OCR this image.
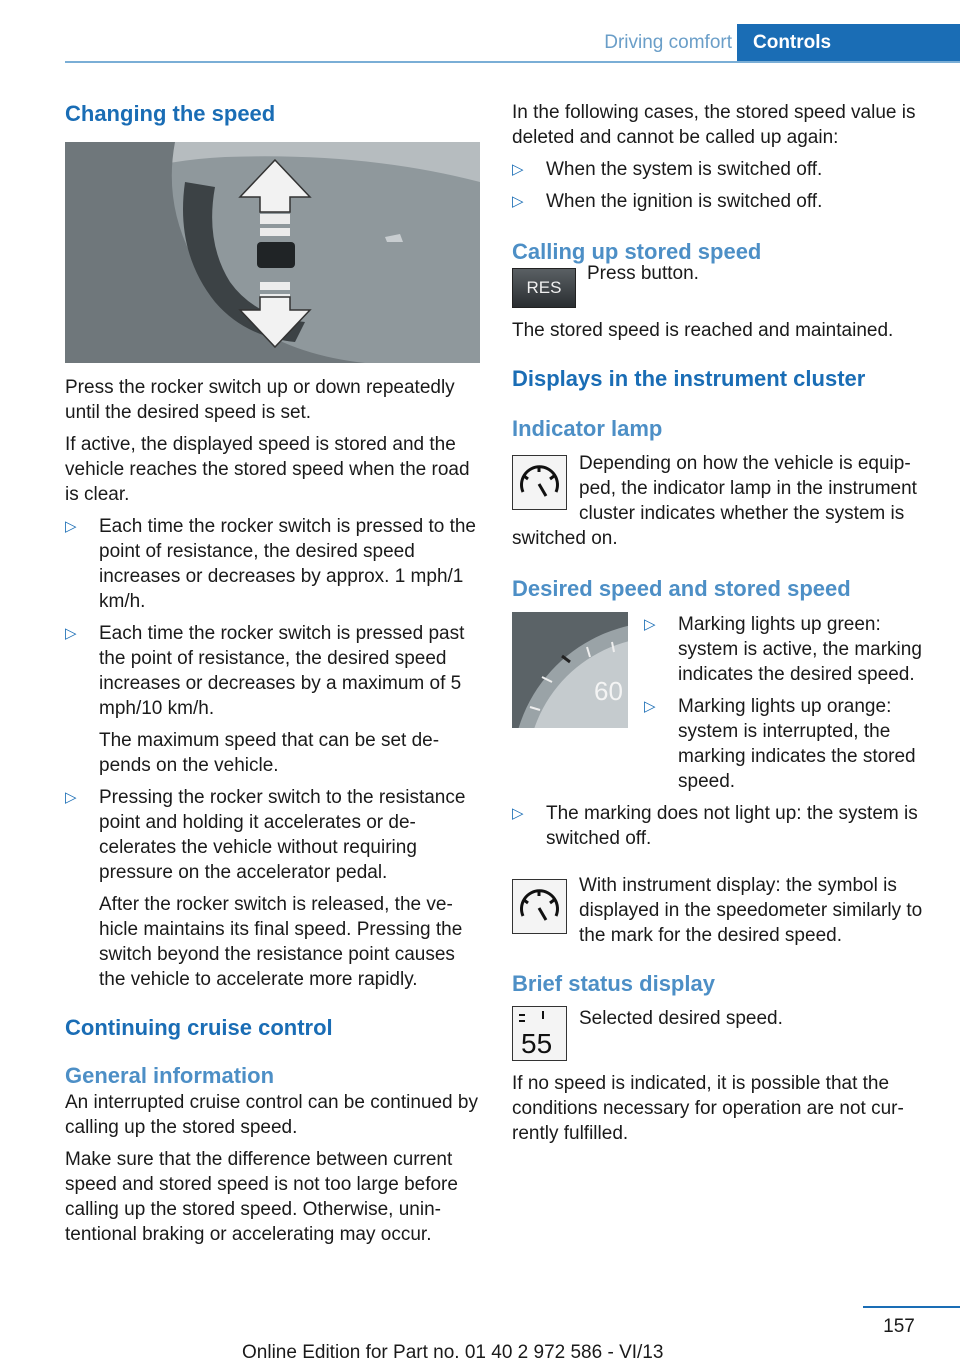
Driving comfort	Controls
Changing the speed

Press the rocker switch up or down repeatedly until the desired speed is set.

If active, the displayed speed is stored and the vehicle reaches the stored speed when the road is clear.

▷ Each time the rocker switch is pressed to the point of resistance, the desired speed increases or decreases by approx. 1 mph/1 km/h.
▷ Each time the rocker switch is pressed past the point of resistance, the desired speed increases or decreases by a maximum of 5 mph/10 km/h.

The maximum speed that can be set depends on the vehicle.

▷ Pressing the rocker switch to the resistance point and holding it accelerates or decelerates the vehicle without requiring pressure on the accelerator pedal.

After the rocker switch is released, the vehicle maintains its final speed. Pressing the switch beyond the resistance point causes the vehicle to accelerate more rapidly.

Continuing cruise control
General information

An interrupted cruise control can be continued by calling up the stored speed.

Make sure that the difference between current speed and stored speed is not too large before calling up the stored speed. Otherwise, unintentional braking or accelerating may occur.

In the following cases, the stored speed value is deleted and cannot be called up again:

▷ When the system is switched off.
▷ When the ignition is switched off.
Calling up stored speed
RES
Press button.

The stored speed is reached and maintained.

Displays in the instrument cluster
Indicator lamp

Depending on how the vehicle is equipped, the indicator lamp in the instrument cluster indicates whether the system is switched on.

Desired speed and stored speed
60
▷ Marking lights up green: system is active, the marking indicates the desired speed.
▷ Marking lights up orange: system is interrupted, the marking indicates the stored speed.
▷ The marking does not light up: the system is switched off.

With instrument display: the symbol is displayed in the speedometer similarly to the mark for the desired speed.

Brief status display
55

Selected desired speed.

If no speed is indicated, it is possible that the conditions necessary for operation are not currently fulfilled.

157
Online Edition for Part no. 01 40 2 972 586 - VI/13
